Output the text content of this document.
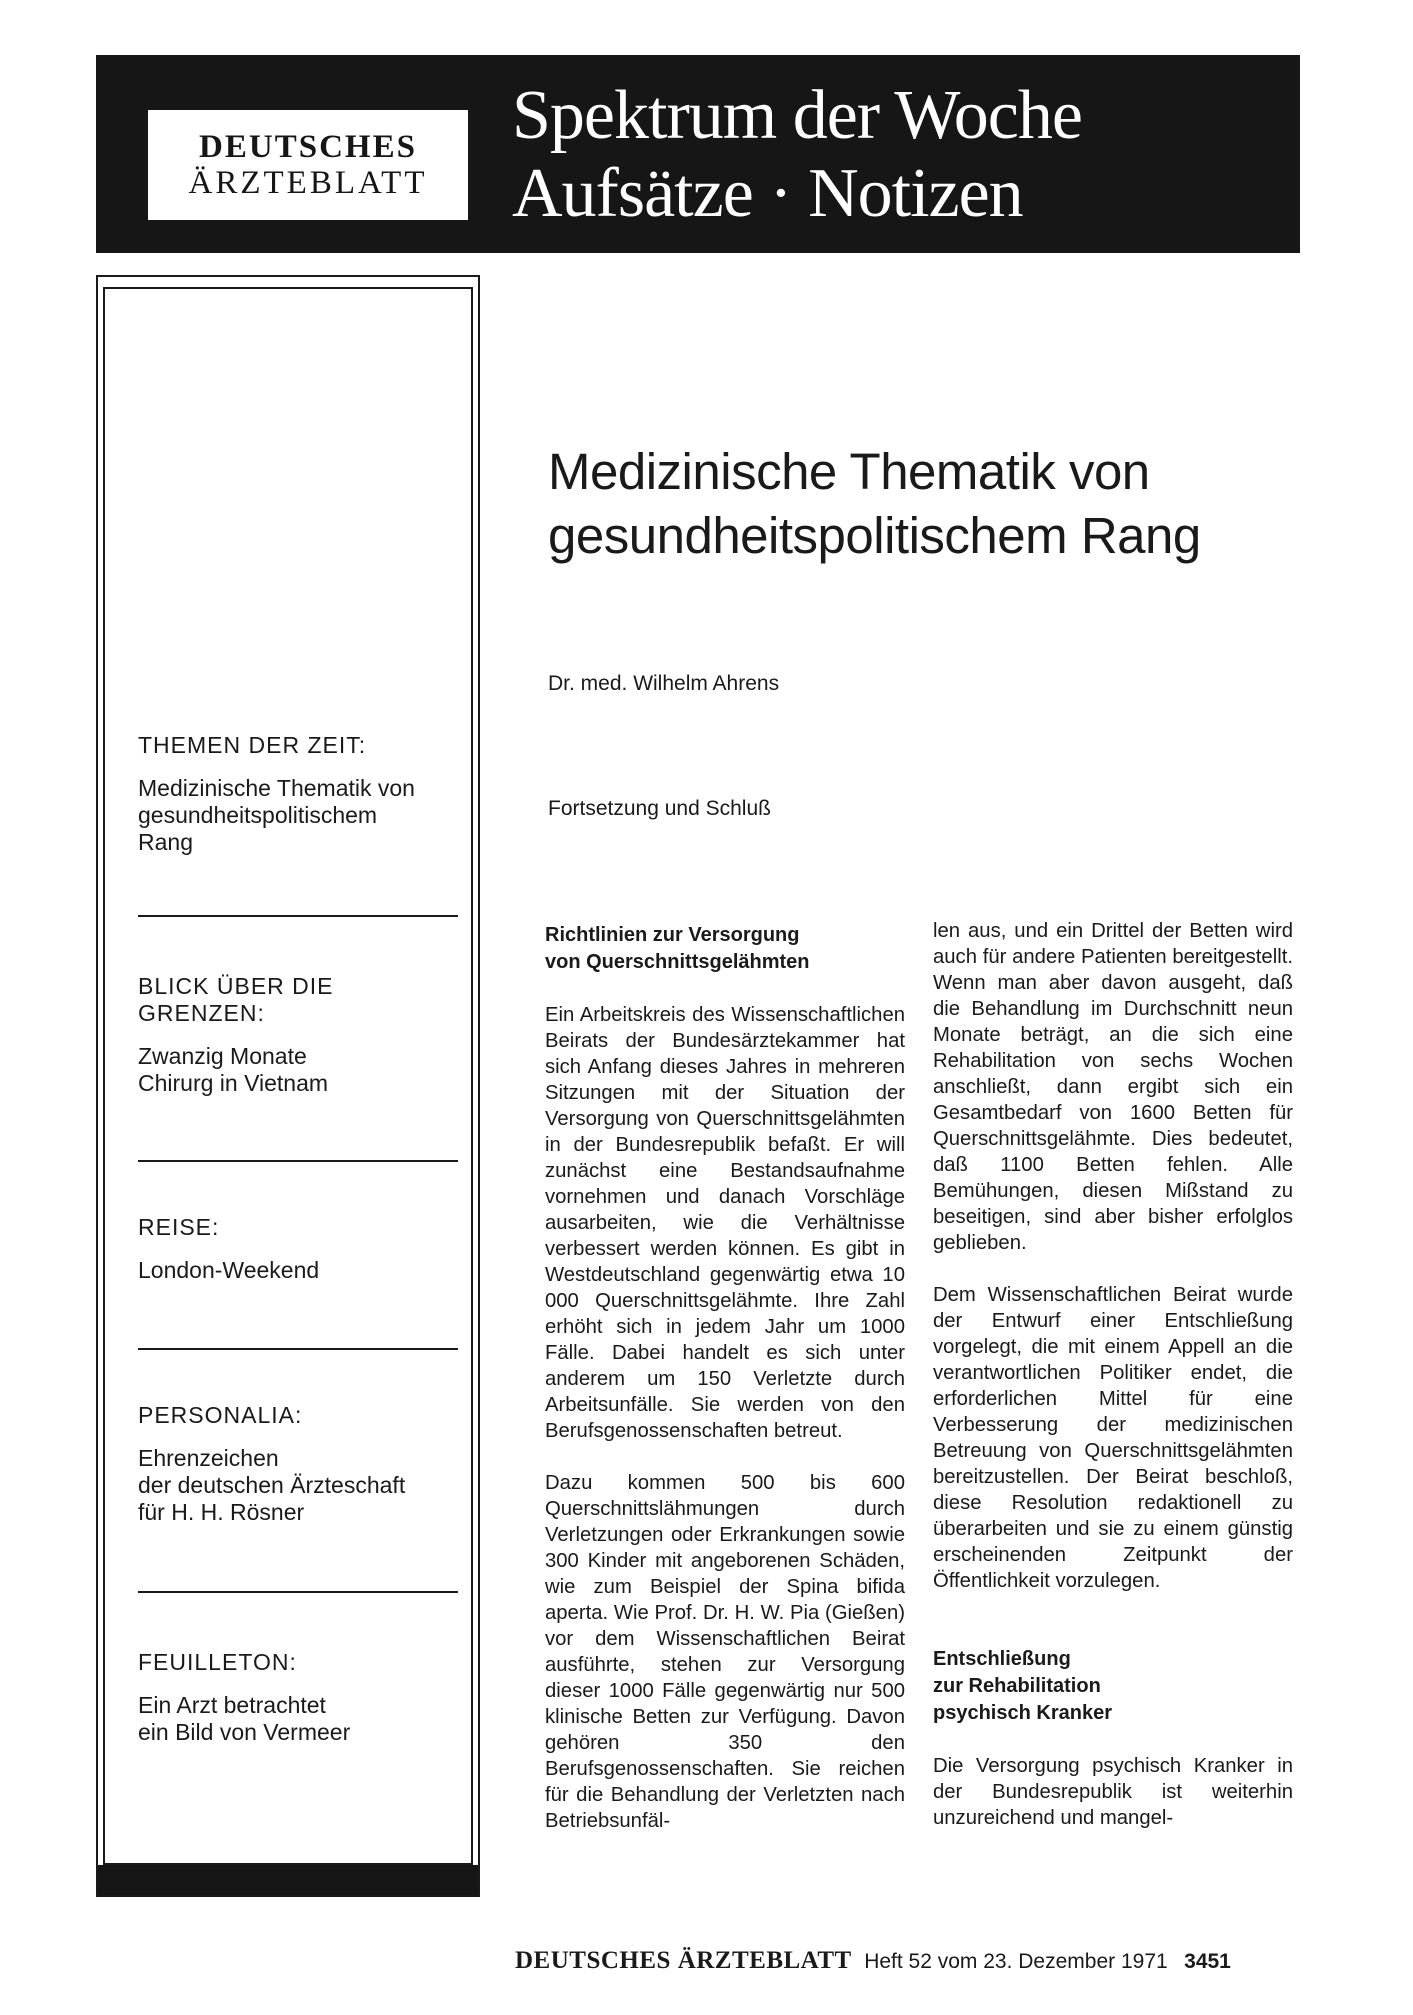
DEUTSCHES
ÄRZTEBLATT
Spektrum der Woche
Aufsätze · Notizen
THEMEN DER ZEIT:
Medizinische Thematik von
gesundheitspolitischem
Rang
BLICK ÜBER DIE
GRENZEN:
Zwanzig Monate
Chirurg in Vietnam
REISE:
London-Weekend
PERSONALIA:
Ehrenzeichen
der deutschen Ärzteschaft
für H. H. Rösner
FEUILLETON:
Ein Arzt betrachtet
ein Bild von Vermeer
Medizinische Thematik von
gesundheitspolitischem Rang
Dr. med. Wilhelm Ahrens
Fortsetzung und Schluß
Richtlinien zur Versorgung
von Querschnittsgelähmten

Ein Arbeitskreis des Wissenschaftlichen Beirats der Bundesärztekammer hat sich Anfang dieses Jahres in mehreren Sitzungen mit der Situation der Versorgung von Querschnittsgelähmten in der Bundesrepublik befaßt. Er will zunächst eine Bestandsaufnahme vornehmen und danach Vorschläge ausarbeiten, wie die Verhältnisse verbessert werden können. Es gibt in Westdeutschland gegenwärtig etwa 10 000 Querschnittsgelähmte. Ihre Zahl erhöht sich in jedem Jahr um 1000 Fälle. Dabei handelt es sich unter anderem um 150 Verletzte durch Arbeitsunfälle. Sie werden von den Berufsgenossenschaften betreut.

Dazu kommen 500 bis 600 Querschnittslähmungen durch Verletzungen oder Erkrankungen sowie 300 Kinder mit angeborenen Schäden, wie zum Beispiel der Spina bifida aperta. Wie Prof. Dr. H. W. Pia (Gießen) vor dem Wissenschaftlichen Beirat ausführte, stehen zur Versorgung dieser 1000 Fälle gegenwärtig nur 500 klinische Betten zur Verfügung. Davon gehören 350 den Berufsgenossenschaften. Sie reichen für die Behandlung der Verletzten nach Betriebsunfäl-

len aus, und ein Drittel der Betten wird auch für andere Patienten bereitgestellt. Wenn man aber davon ausgeht, daß die Behandlung im Durchschnitt neun Monate beträgt, an die sich eine Rehabilitation von sechs Wochen anschließt, dann ergibt sich ein Gesamtbedarf von 1600 Betten für Querschnittsgelähmte. Dies bedeutet, daß 1100 Betten fehlen. Alle Bemühungen, diesen Mißstand zu beseitigen, sind aber bisher erfolglos geblieben.

Dem Wissenschaftlichen Beirat wurde der Entwurf einer Entschließung vorgelegt, die mit einem Appell an die verantwortlichen Politiker endet, die erforderlichen Mittel für eine Verbesserung der medizinischen Betreuung von Querschnittsgelähmten bereitzustellen. Der Beirat beschloß, diese Resolution redaktionell zu überarbeiten und sie zu einem günstig erscheinenden Zeitpunkt der Öffentlichkeit vorzulegen.

Entschließung
zur Rehabilitation
psychisch Kranker

Die Versorgung psychisch Kranker in der Bundesrepublik ist weiterhin unzureichend und mangel-

DEUTSCHES ÄRZTEBLATT Heft 52 vom 23. Dezember 1971 3451
